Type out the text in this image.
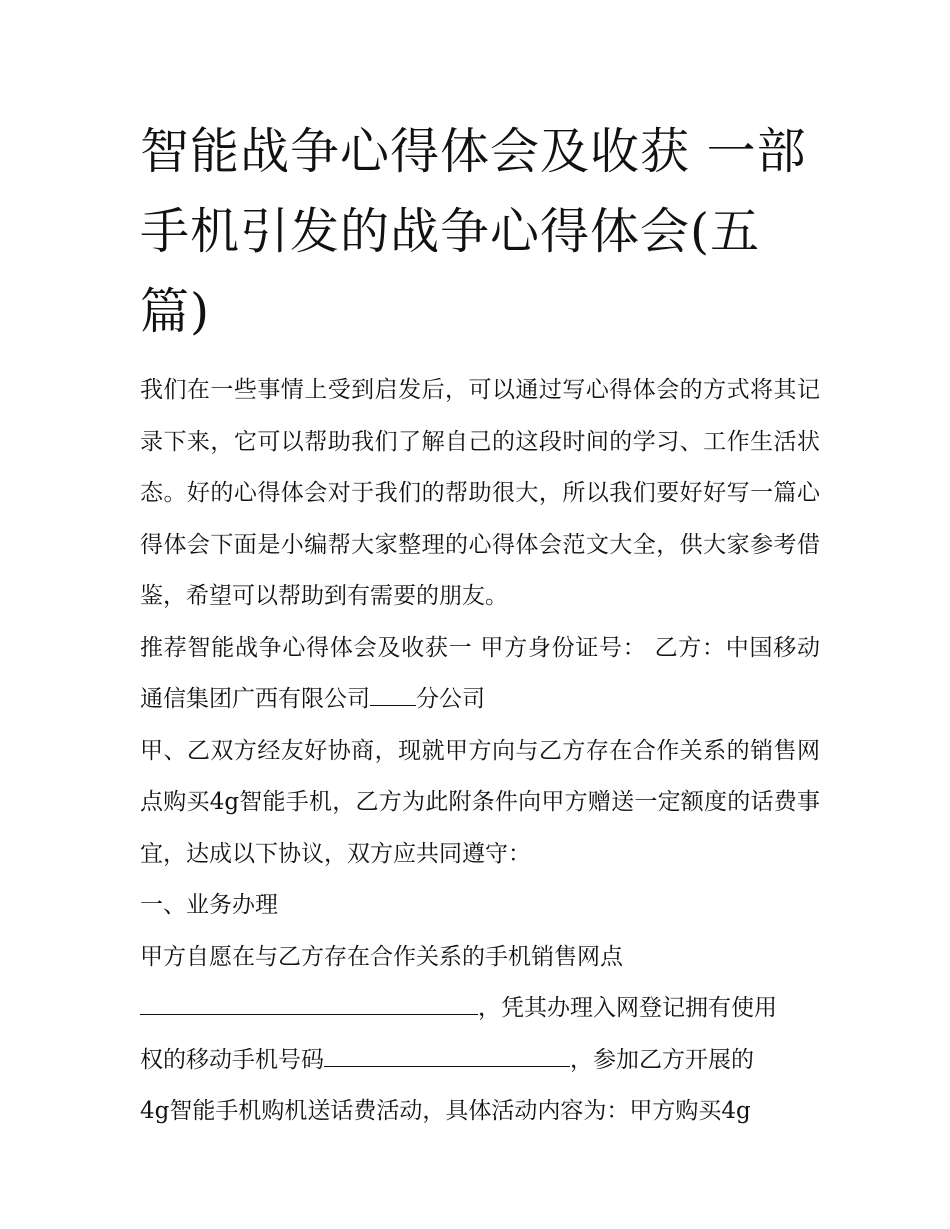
智能战争心得体会及收获 一部手机引发的战争心得体会(五篇)

我们在一些事情上受到启发后，可以通过写心得体会的方式将其记录下来，它可以帮助我们了解自己的这段时间的学习、工作生活状态。好的心得体会对于我们的帮助很大，所以我们要好好写一篇心得体会下面是小编帮大家整理的心得体会范文大全，供大家参考借鉴，希望可以帮助到有需要的朋友。

推荐智能战争心得体会及收获一 甲方身份证号： 乙方：中国移动通信集团广西有限公司 分公司

甲、乙双方经友好协商，现就甲方向与乙方存在合作关系的销售网点购买4g智能手机，乙方为此附条件向甲方赠送一定额度的话费事宜，达成以下协议，双方应共同遵守：

一、业务办理

甲方自愿在与乙方存在合作关系的手机销售网点
，凭其办理入网登记拥有使用
权的移动手机号码	，参加乙方开展的
4g智能手机购机送话费活动，具体活动内容为：甲方购买4g
